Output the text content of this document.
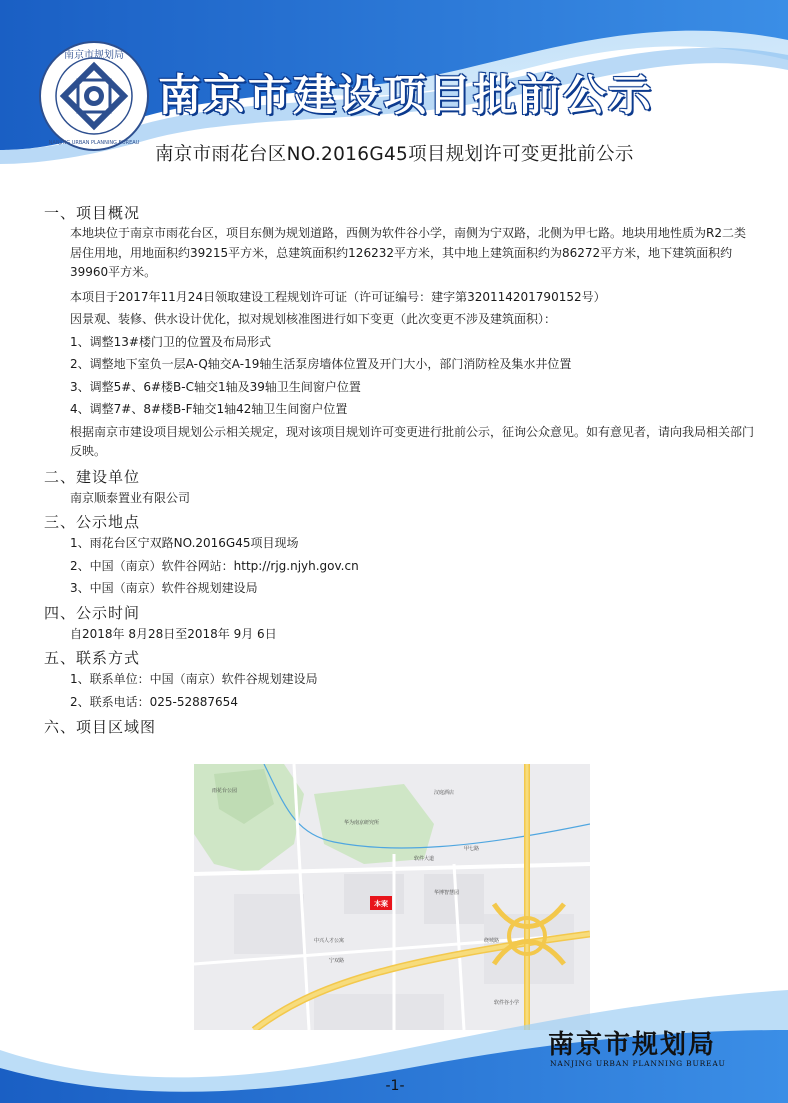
南京市规划局
NANJING URBAN PLANNING BUREAU
南京市建设项目批前公示
南京市雨花台区NO.2016G45项目规划许可变更批前公示
一、项目概况
本地块位于南京市雨花台区，项目东侧为规划道路，西侧为软件谷小学，南侧为宁双路，北侧为甲七路。地块用地性质为R2二类居住用地，用地面积约39215平方米，总建筑面积约126232平方米，其中地上建筑面积约为86272平方米，地下建筑面积约39960平方米。
本项目于2017年11月24日领取建设工程规划许可证（许可证编号：建字第320114201790152号）
因景观、装修、供水设计优化，拟对规划核准图进行如下变更（此次变更不涉及建筑面积）：
1、调整13#楼门卫的位置及布局形式
2、调整地下室负一层A-Q轴交A-19轴生活泵房墙体位置及开门大小，部门消防栓及集水井位置
3、调整5#、6#楼B-C轴交1轴及39轴卫生间窗户位置
4、调整7#、8#楼B-F轴交1轴42轴卫生间窗户位置
根据南京市建设项目规划公示相关规定，现对该项目规划许可变更进行批前公示，征询公众意见。如有意见者，请向我局相关部门反映。
二、建设单位
南京顺泰置业有限公司
三、公示地点
1、雨花台区宁双路NO.2016G45项目现场
2、中国（南京）软件谷网站：http://rjg.njyh.gov.cn
3、中国（南京）软件谷规划建设局
四、公示时间
自2018年 8月28日至2018年 9月 6日
五、联系方式
1、联系单位：中国（南京）软件谷规划建设局
2、联系电话：025-52887654
六、项目区域图
本案
宁双路
绕城路
软件大道
甲七路
软件谷小学
雨花台公园	汉庭酒店
华为南京研究所
中兴人才公寓
华博智慧园
南京市规划局
NANJING URBAN PLANNING BUREAU
-1-
